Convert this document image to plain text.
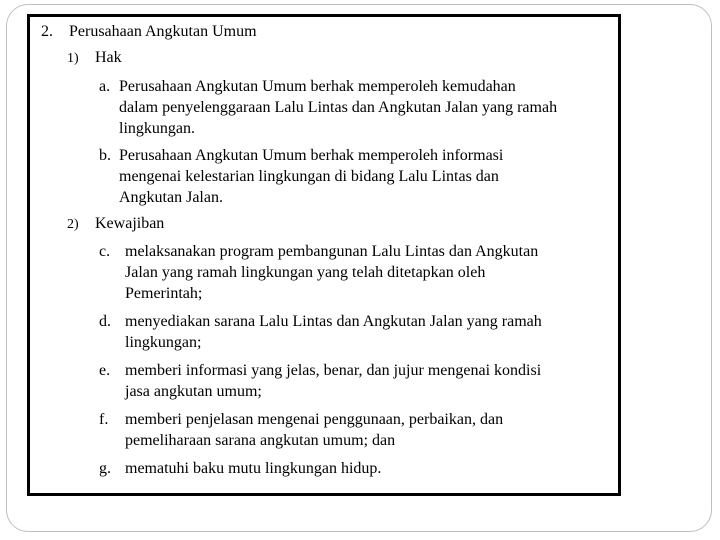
2. Perusahaan Angkutan Umum
1) Hak
a. Perusahaan Angkutan Umum berhak memperoleh kemudahan
dalam penyelenggaraan Lalu Lintas dan Angkutan Jalan yang ramah
lingkungan.
b. Perusahaan Angkutan Umum berhak memperoleh informasi
mengenai kelestarian lingkungan di bidang Lalu Lintas dan
Angkutan Jalan.
2) Kewajiban
c. melaksanakan program pembangunan Lalu Lintas dan Angkutan
Jalan yang ramah lingkungan yang telah ditetapkan oleh
Pemerintah;
d. menyediakan sarana Lalu Lintas dan Angkutan Jalan yang ramah
lingkungan;
e. memberi informasi yang jelas, benar, dan jujur mengenai kondisi
jasa angkutan umum;
f. memberi penjelasan mengenai penggunaan, perbaikan, dan
pemeliharaan sarana angkutan umum; dan
g. mematuhi baku mutu lingkungan hidup.
